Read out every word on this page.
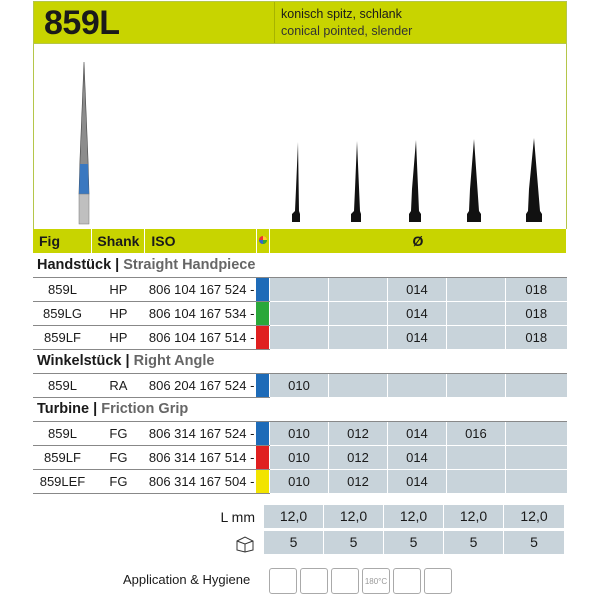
859L	konisch spitz, schlank
conical pointed, slender
Fig	Shank	ISO		Ø				
Handstück | Straight Handpiece								
859L	HP	806 104 167 524 -				014		018
859LG	HP	806 104 167 534 -				014		018
859LF	HP	806 104 167 514 -				014		018
Winkelstück | Right Angle								
859L	RA	806 204 167 524 -		010				
Turbine | Friction Grip								
859L	FG	806 314 167 524 -		010	012	014	016	
859LF	FG	806 314 167 514 -		010	012	014		
859LEF	FG	806 314 167 504 -		010	012	014		
L mm	12,0	12,0	12,0	12,0	12,0
5	5	5	5	5
Application & Hygiene	180°C
